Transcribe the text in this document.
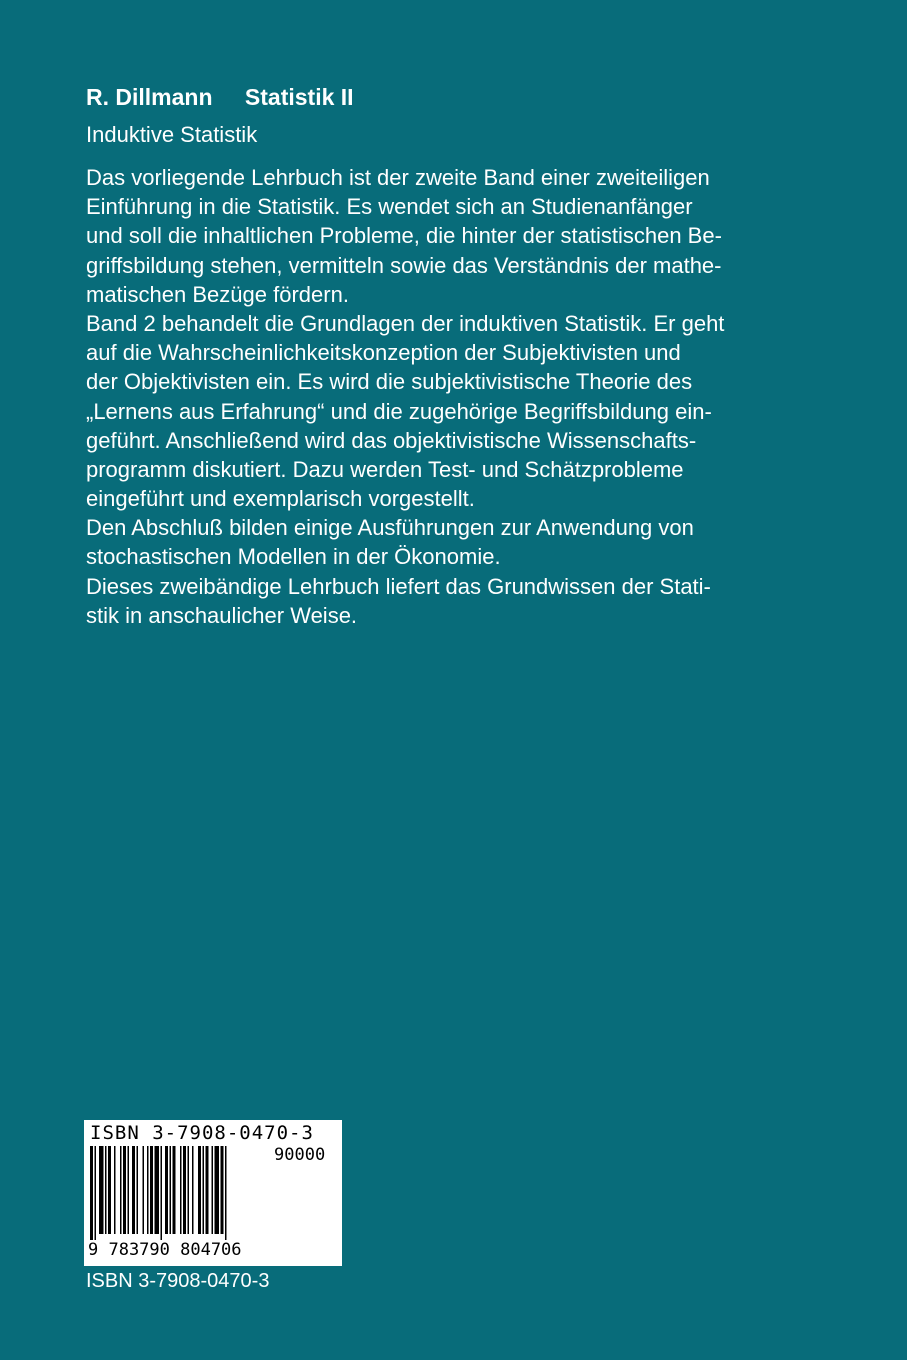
R. Dillmann Statistik II
Induktive Statistik
Das vorliegende Lehrbuch ist der zweite Band einer zweiteiligen
Einführung in die Statistik. Es wendet sich an Studienanfänger
und soll die inhaltlichen Probleme, die hinter der statistischen Be-
griffsbildung stehen, vermitteln sowie das Verständnis der mathe-
matischen Bezüge fördern.
Band 2 behandelt die Grundlagen der induktiven Statistik. Er geht
auf die Wahrscheinlichkeitskonzeption der Subjektivisten und
der Objektivisten ein. Es wird die subjektivistische Theorie des
„Lernens aus Erfahrung“ und die zugehörige Begriffsbildung ein-
geführt. Anschließend wird das objektivistische Wissenschafts-
programm diskutiert. Dazu werden Test- und Schätzprobleme
eingeführt und exemplarisch vorgestellt.
Den Abschluß bilden einige Ausführungen zur Anwendung von
stochastischen Modellen in der Ökonomie.
Dieses zweibändige Lehrbuch liefert das Grundwissen der Stati-
stik in anschaulicher Weise.
ISBN 3-7908-0470-3
90000
9 783790 804706
ISBN 3-7908-0470-3
